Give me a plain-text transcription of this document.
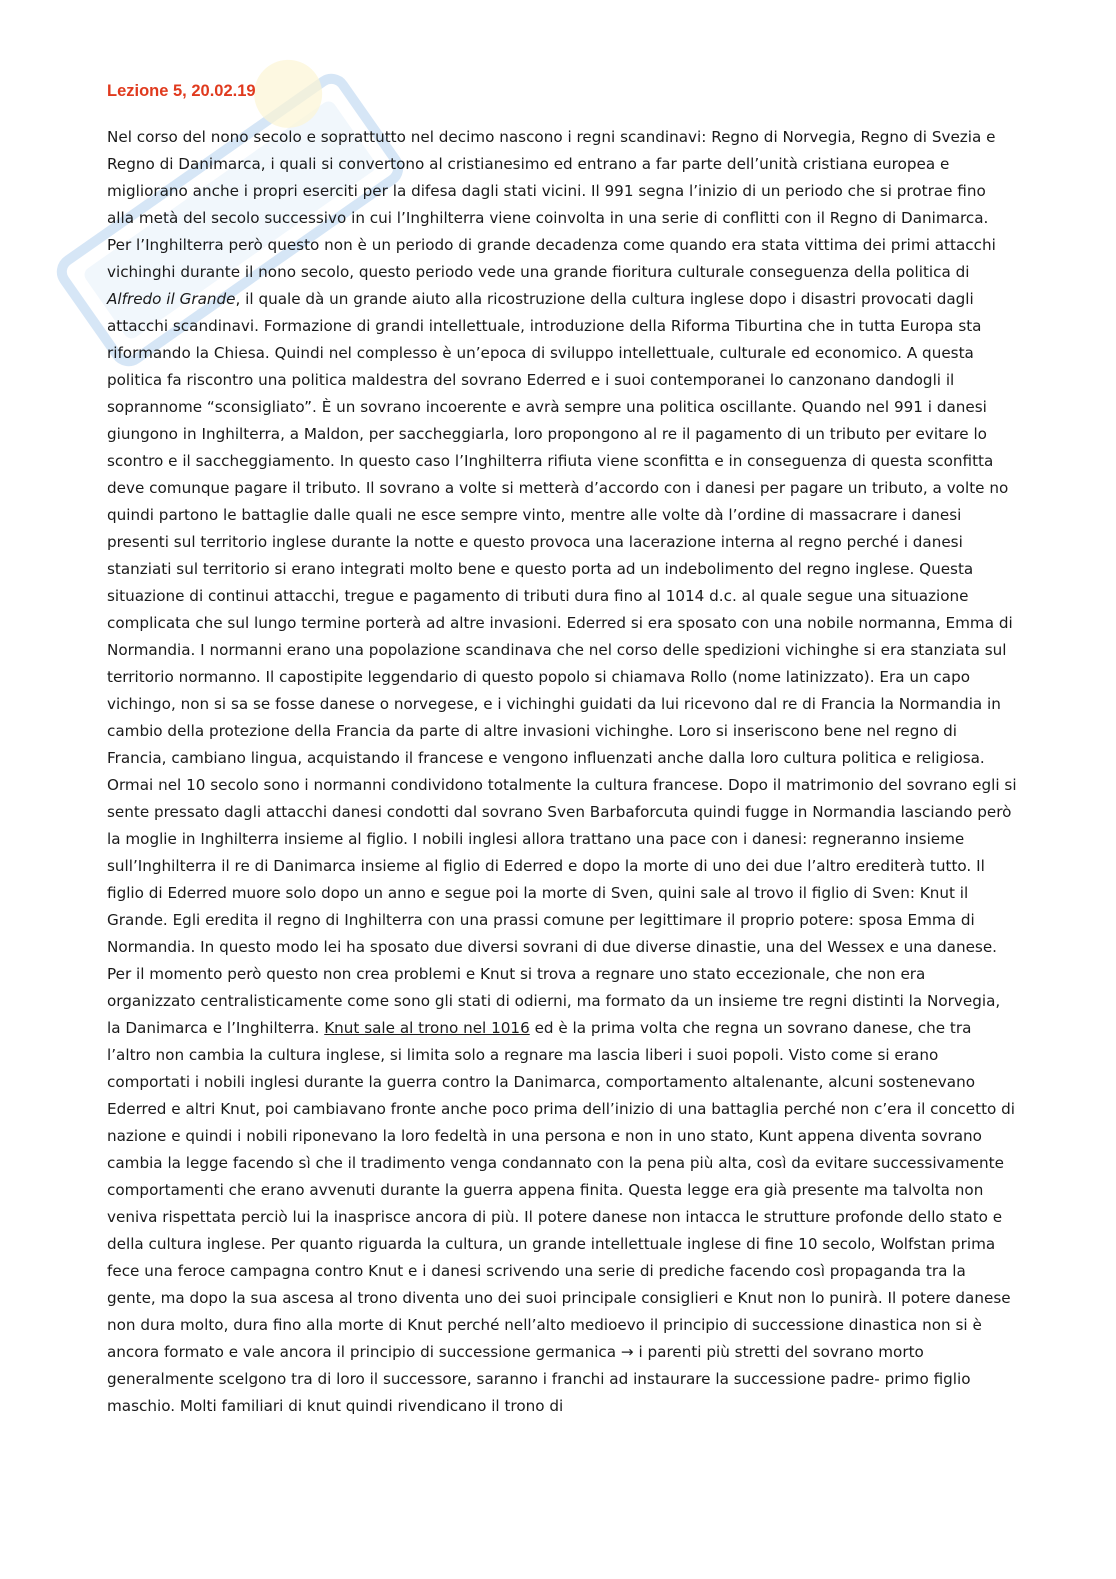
Lezione 5, 20.02.19

Nel corso del nono secolo e soprattutto nel decimo nascono i regni scandinavi: Regno di Norvegia, Regno di Svezia e Regno di Danimarca, i quali si convertono al cristianesimo ed entrano a far parte dell’unità cristiana europea e migliorano anche i propri eserciti per la difesa dagli stati vicini. Il 991 segna l’inizio di un periodo che si protrae fino alla metà del secolo successivo in cui l’Inghilterra viene coinvolta in una serie di conflitti con il Regno di Danimarca. Per l’Inghilterra però questo non è un periodo di grande decadenza come quando era stata vittima dei primi attacchi vichinghi durante il nono secolo, questo periodo vede una grande fioritura culturale conseguenza della politica di Alfredo il Grande, il quale dà un grande aiuto alla ricostruzione della cultura inglese dopo i disastri provocati dagli attacchi scandinavi. Formazione di grandi intellettuale, introduzione della Riforma Tiburtina che in tutta Europa sta riformando la Chiesa. Quindi nel complesso è un’epoca di sviluppo intellettuale, culturale ed economico. A questa politica fa riscontro una politica maldestra del sovrano Ederred e i suoi contemporanei lo canzonano dandogli il soprannome “sconsigliato”. È un sovrano incoerente e avrà sempre una politica oscillante. Quando nel 991 i danesi giungono in Inghilterra, a Maldon, per saccheggiarla, loro propongono al re il pagamento di un tributo per evitare lo scontro e il saccheggiamento. In questo caso l’Inghilterra rifiuta viene sconfitta e in conseguenza di questa sconfitta deve comunque pagare il tributo. Il sovrano a volte si metterà d’accordo con i danesi per pagare un tributo, a volte no quindi partono le battaglie dalle quali ne esce sempre vinto, mentre alle volte dà l’ordine di massacrare i danesi presenti sul territorio inglese durante la notte e questo provoca una lacerazione interna al regno perché i danesi stanziati sul territorio si erano integrati molto bene e questo porta ad un indebolimento del regno inglese. Questa situazione di continui attacchi, tregue e pagamento di tributi dura fino al 1014 d.c. al quale segue una situazione complicata che sul lungo termine porterà ad altre invasioni. Ederred si era sposato con una nobile normanna, Emma di Normandia. I normanni erano una popolazione scandinava che nel corso delle spedizioni vichinghe si era stanziata sul territorio normanno. Il capostipite leggendario di questo popolo si chiamava Rollo (nome latinizzato). Era un capo vichingo, non si sa se fosse danese o norvegese, e i vichinghi guidati da lui ricevono dal re di Francia la Normandia in cambio della protezione della Francia da parte di altre invasioni vichinghe. Loro si inseriscono bene nel regno di Francia, cambiano lingua, acquistando il francese e vengono influenzati anche dalla loro cultura politica e religiosa. Ormai nel 10 secolo sono i normanni condividono totalmente la cultura francese. Dopo il matrimonio del sovrano egli si sente pressato dagli attacchi danesi condotti dal sovrano Sven Barbaforcuta quindi fugge in Normandia lasciando però la moglie in Inghilterra insieme al figlio. I nobili inglesi allora trattano una pace con i danesi: regneranno insieme sull’Inghilterra il re di Danimarca insieme al figlio di Ederred e dopo la morte di uno dei due l’altro erediterà tutto. Il figlio di Ederred muore solo dopo un anno e segue poi la morte di Sven, quini sale al trovo il figlio di Sven: Knut il Grande. Egli eredita il regno di Inghilterra con una prassi comune per legittimare il proprio potere: sposa Emma di Normandia. In questo modo lei ha sposato due diversi sovrani di due diverse dinastie, una del Wessex e una danese. Per il momento però questo non crea problemi e Knut si trova a regnare uno stato eccezionale, che non era organizzato centralisticamente come sono gli stati di odierni, ma formato da un insieme tre regni distinti la Norvegia, la Danimarca e l’Inghilterra. Knut sale al trono nel 1016 ed è la prima volta che regna un sovrano danese, che tra l’altro non cambia la cultura inglese, si limita solo a regnare ma lascia liberi i suoi popoli. Visto come si erano comportati i nobili inglesi durante la guerra contro la Danimarca, comportamento altalenante, alcuni sostenevano Ederred e altri Knut, poi cambiavano fronte anche poco prima dell’inizio di una battaglia perché non c’era il concetto di nazione e quindi i nobili riponevano la loro fedeltà in una persona e non in uno stato, Kunt appena diventa sovrano cambia la legge facendo sì che il tradimento venga condannato con la pena più alta, così da evitare successivamente comportamenti che erano avvenuti durante la guerra appena finita. Questa legge era già presente ma talvolta non veniva rispettata perciò lui la inasprisce ancora di più. Il potere danese non intacca le strutture profonde dello stato e della cultura inglese. Per quanto riguarda la cultura, un grande intellettuale inglese di fine 10 secolo, Wolfstan prima fece una feroce campagna contro Knut e i danesi scrivendo una serie di prediche facendo così propaganda tra la gente, ma dopo la sua ascesa al trono diventa uno dei suoi principale consiglieri e Knut non lo punirà. Il potere danese non dura molto, dura fino alla morte di Knut perché nell’alto medioevo il principio di successione dinastica non si è ancora formato e vale ancora il principio di successione germanica → i parenti più stretti del sovrano morto generalmente scelgono tra di loro il successore, saranno i franchi ad instaurare la successione padre- primo figlio maschio. Molti familiari di knut quindi rivendicano il trono di
